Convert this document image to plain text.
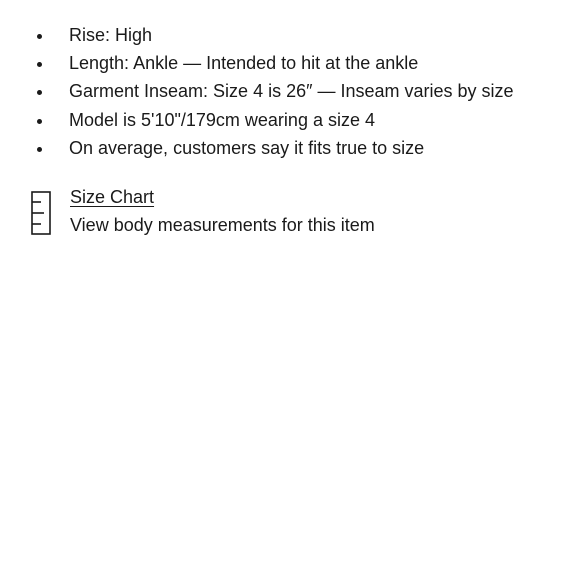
Rise: High
Length: Ankle — Intended to hit at the ankle
Garment Inseam: Size 4 is 26″ — Inseam varies by size
Model is 5'10"/179cm wearing a size 4
On average, customers say it fits true to size
Size Chart
View body measurements for this item
